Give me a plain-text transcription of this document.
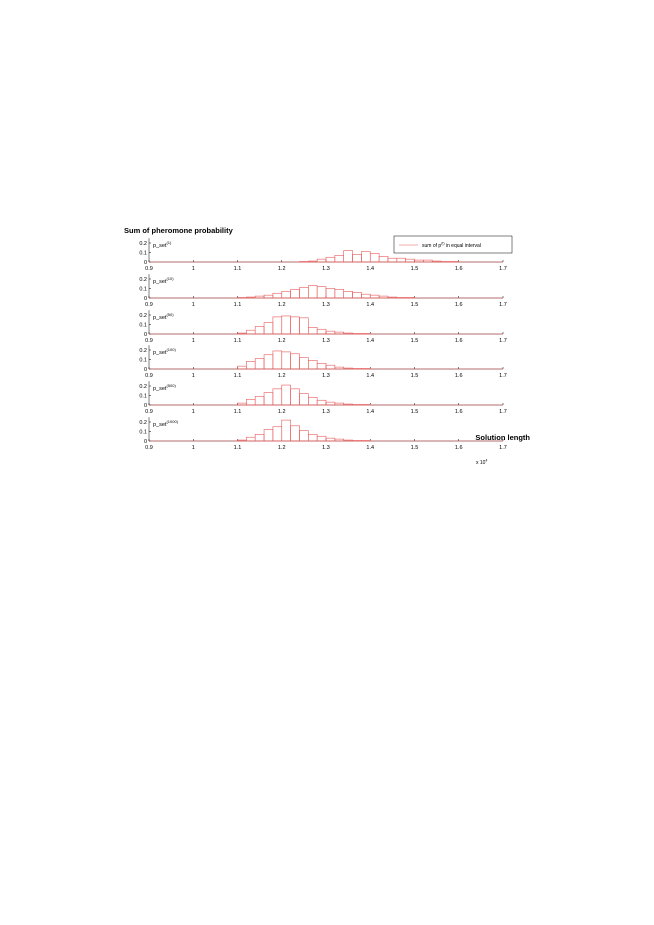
Sum of pheromone probability
0
0.1
0.2
0.9	1	1.1	1.2	1.3	1.4	1.5	1.6	1.7
p_set$^{(1)}$
0
0.1
0.2
0.9	1	1.1	1.2	1.3	1.4	1.5	1.6	1.7
p_set$^{(10)}$
0
0.1
0.2
0.9	1	1.1	1.2	1.3	1.4	1.5	1.6	1.7
p_set$^{(50)}$
0
0.1
0.2
0.9	1	1.1	1.2	1.3	1.4	1.5	1.6	1.7
p_set$^{(100)}$
0
0.1
0.2
0.9	1	1.1	1.2	1.3	1.4	1.5	1.6	1.7
p_set$^{(500)}$
0
0.1
0.2
0.9	1	1.1	1.2	1.3	1.4	1.5	1.6	1.7
p_set$^{(1000)}$
sum of $p^{(t)}$ in equal interval
Solution length
x $10^4$
